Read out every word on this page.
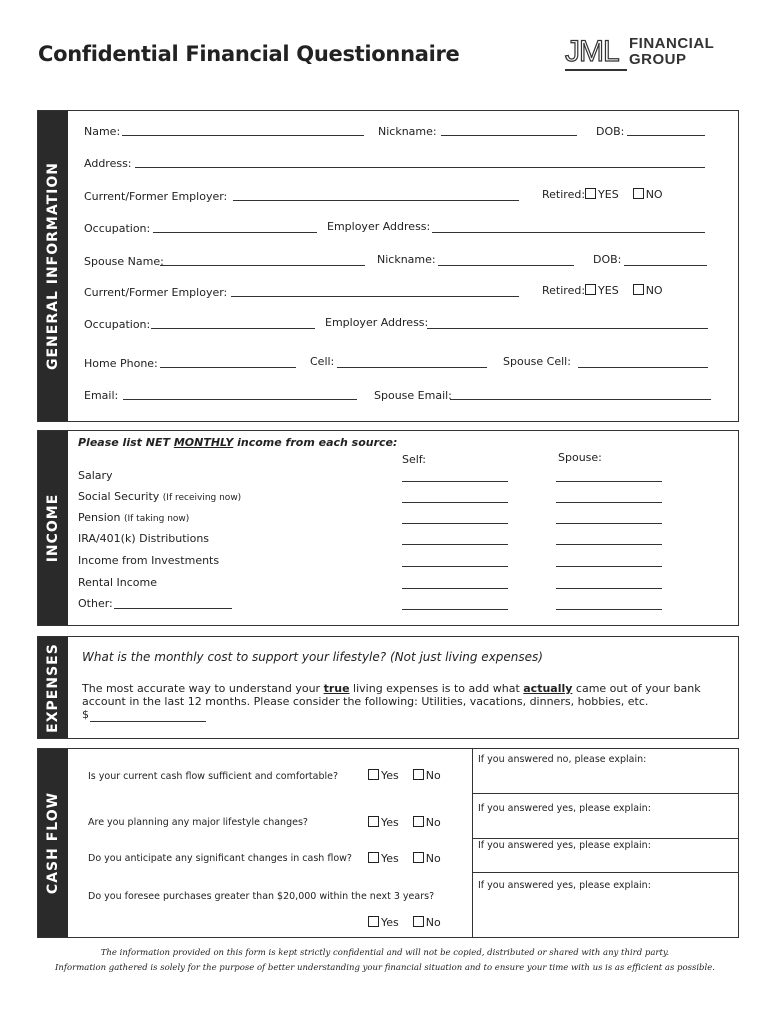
Confidential Financial Questionnaire	JML FINANCIAL
GROUP
GENERAL INFORMATION
Name:	Nickname:	DOB:
Address:
Current/Former Employer:	Retired: YES NO
Occupation:	Employer Address:
Spouse Name:	Nickname:	DOB:
Current/Former Employer:	Retired: YES NO
Occupation:	Employer Address:
Home Phone:	Cell:	Spouse Cell:
Email:	Spouse Email:
INCOME
Please list NET MONTHLY income from each source:
Self:	Spouse:
Salary
Social Security (If receiving now)
Pension (If taking now)
IRA/401(k) Distributions
Income from Investments
Rental Income
Other:
EXPENSES What is the monthly cost to support your lifestyle? (Not just living expenses)
The most accurate way to understand your true living expenses is to add what actually came out of your bank
account in the last 12 months. Please consider the following: Utilities, vacations, dinners, hobbies, etc.
$
CASH FLOW
Is your current cash flow sufficient and comfortable?	Yes No
If you answered no, please explain:
Are you planning any major lifestyle changes?	Yes No
If you answered yes, please explain:
Do you anticipate any significant changes in cash flow?	Yes No
If you answered yes, please explain:
Do you foresee purchases greater than $20,000 within the next 3 years?
Yes No
If you answered yes, please explain:
The information provided on this form is kept strictly confidential and will not be copied, distributed or shared with any third party.
Information gathered is solely for the purpose of better understanding your financial situation and to ensure your time with us is as efficient as possible.
